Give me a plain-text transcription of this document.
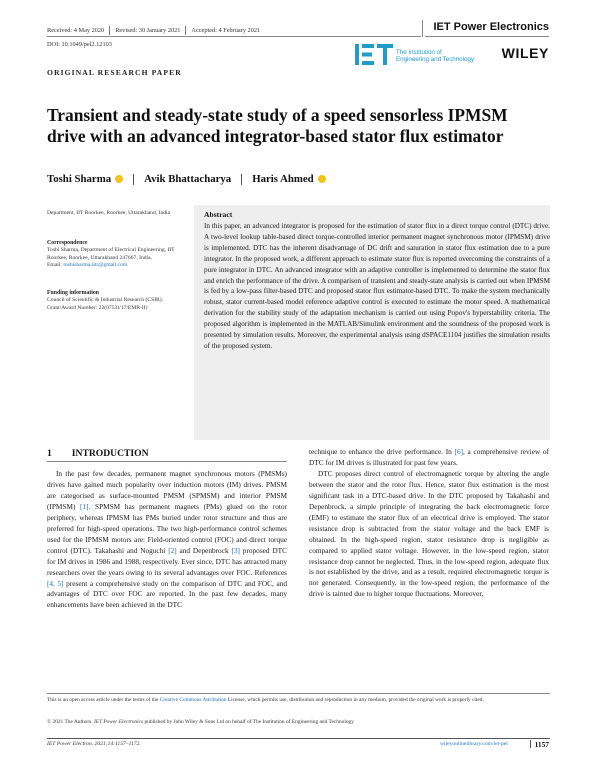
Received: 4 May 2020 Revised: 30 January 2021 Accepted: 4 February 2021	IET Power Electronics
DOI: 10.1049/pel2.12103
The Institution of
Engineering and Technology	WILEY
ORIGINAL RESEARCH PAPER
Transient and steady-state study of a speed sensorless IPMSM drive with an advanced integrator-based stator flux estimator
Toshi Sharma	Avik Bhattacharya Haris Ahmed
Department, IIT Roorkee, Roorkee, Uttarakhand, India
Correspondence
Toshi Sharma, Department of Electrical Engineering, IIT Roorkee, Roorkee, Uttarakhand 247667, India.
Email: toshisharma.iitr@gmail.com
Funding information
Council of Scientific & Industrial Research (CSIR), Grant/Award Number: 22(0753)/17/EMR-II)
Abstract
In this paper, an advanced integrator is proposed for the estimation of stator flux in a direct torque control (DTC) drive. A two-level lookup table-based direct torque-controlled interior permanent magnet synchronous motor (IPMSM) drive is implemented. DTC has the inherent disadvantage of DC drift and saturation in stator flux estimation due to a pure integrator. In the proposed work, a different approach to estimate stator flux is reported overcoming the constraints of a pure integrator in DTC. An advanced integrator with an adaptive controller is implemented to determine the stator flux and enrich the performance of the drive. A comparison of transient and steady-state analysis is carried out when IPMSM is fed by a low-pass filter-based DTC and proposed stator flux estimator-based DTC. To make the system mechanically robust, stator current-based model reference adaptive control is executed to estimate the motor speed. A mathematical derivation for the stability study of the adaptation mechanism is carried out using Popov's hyperstability criteria. The proposed algorithm is implemented in the MATLAB/Simulink environment and the soundness of the proposed work is presented by simulation results. Moreover, the experimental analysis using dSPACE1104 justifies the simulation results of the proposed system.
1 INTRODUCTION

In the past few decades, permanent magnet synchronous motors (PMSMs) drives have gained much popularity over induction motors (IM) drives. PMSM are categorised as surface-mounted PMSM (SPMSM) and interior PMSM (IPMSM) [1]. SPMSM has permanent magnets (PMs) glued on the rotor periphery, whereas IPMSM has PMs buried under rotor structure and thus are preferred for high-speed operations. The two high-performance control schemes used for the IPMSM motors are: Field-oriented control (FOC) and direct torque control (DTC). Takahashi and Noguchi [2] and Depenbrock [3] proposed DTC for IM drives in 1986 and 1988, respectively. Ever since, DTC has attracted many researchers over the years owing to its several advantages over FOC. References [4, 5] present a comprehensive study on the comparison of DTC and FOC, and advantages of DTC over FOC are reported. In the past few decades, many enhancements have been achieved in the DTC

technique to enhance the drive performance. In [6], a comprehensive review of DTC for IM drives is illustrated for past few years.

DTC proposes direct control of electromagnetic torque by altering the angle between the stator and the rotor flux. Hence, stator flux estimation is the most significant task in a DTC-based drive. In the DTC proposed by Takahashi and Depenbrock, a simple principle of integrating the back electromagnetic force (EMF) to estimate the stator flux of an electrical drive is employed. The stator resistance drop is subtracted from the stator voltage and the back EMF is obtained. In the high-speed region, stator resistance drop is negligible as compared to applied stator voltage. However, in the low-speed region, stator resistance drop cannot be neglected. Thus, in the low-speed region, adequate flux is not established by the drive, and as a result, required electromagnetic torque is not generated. Consequently, in the low-speed region, the performance of the drive is tainted due to higher torque fluctuations. Moreover,

This is an open access article under the terms of the Creative Commons Attribution License, which permits use, distribution and reproduction in any medium, provided the original work is properly cited.
© 2021 The Authors. IET Power Electronics published by John Wiley & Sons Ltd on behalf of The Institution of Engineering and Technology
IET Power Electron. 2021;14:1157–1172.	wileyonlinelibrary.com/iet-pel	1157
